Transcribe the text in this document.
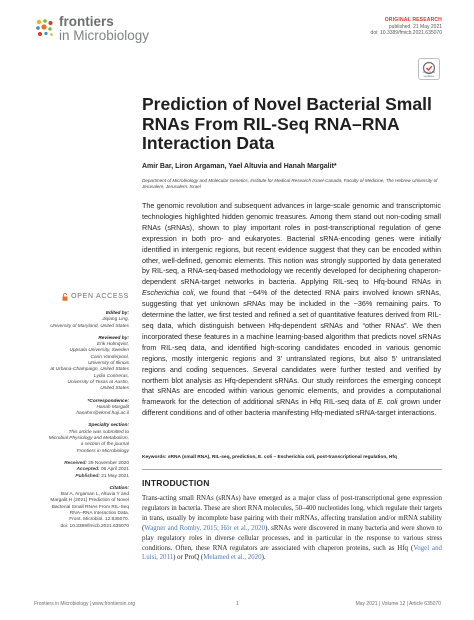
frontiers
in Microbiology
ORIGINAL RESEARCH
published: 21 May 2021
doi: 10.3389/fmicb.2021.635070
Check for updates
Prediction of Novel Bacterial Small RNAs From RIL-Seq RNA–RNA Interaction Data
Amir Bar, Liron Argaman, Yael Altuvia and Hanah Margalit*
Department of Microbiology and Molecular Genetics, Institute for Medical Research Israel-Canada, Faculty of Medicine, The Hebrew University of Jerusalem, Jerusalem, Israel
The genomic revolution and subsequent advances in large-scale genomic and transcriptomic technologies highlighted hidden genomic treasures. Among them stand out non-coding small RNAs (sRNAs), shown to play important roles in post-transcriptional regulation of gene expression in both pro- and eukaryotes. Bacterial sRNA-encoding genes were initially identified in intergenic regions, but recent evidence suggest that they can be encoded within other, well-defined, genomic elements. This notion was strongly supported by data generated by RIL-seq, a RNA-seq-based methodology we recently developed for deciphering chaperon-dependent sRNA-target networks in bacteria. Applying RIL-seq to Hfq-bound RNAs in Escherichia coli, we found that ~64% of the detected RNA pairs involved known sRNAs, suggesting that yet unknown sRNAs may be included in the ~36% remaining pairs. To determine the latter, we first tested and refined a set of quantitative features derived from RIL-seq data, which distinguish between Hfq-dependent sRNAs and “other RNAs”. We then incorporated these features in a machine learning-based algorithm that predicts novel sRNAs from RIL-seq data, and identified high-scoring candidates encoded in various genomic regions, mostly intergenic regions and 3′ untranslated regions, but also 5′ untranslated regions and coding sequences. Several candidates were further tested and verified by northern blot analysis as Hfq-dependent sRNAs. Our study reinforces the emerging concept that sRNAs are encoded within various genomic elements, and provides a computational framework for the detection of additional sRNAs in Hfq RIL-seq data of E. coli grown under different conditions and of other bacteria manifesting Hfq-mediated sRNA-target interactions.
Keywords: sRNA (small RNA), RIL-seq, prediction, E. coli – Escherichia coli, post-transcriptional regulation, Hfq
OPEN ACCESS
Edited by:
Jiqiang Ling,
University of Maryland, United States
Reviewed by:
Erik Holmqvist,
Uppsala University, Sweden
Carin Vanderpool,
University of Illinois
at Urbana-Champaign, United States
Lydia Contreras,
University of Texas at Austin,
United States
*Correspondence:
Hanah Margalit
hanahm@ekmd.huji.ac.il
Specialty section:
This article was submitted to
Microbial Physiology and Metabolism,
a section of the journal
Frontiers in Microbiology
Received: 29 November 2020
Accepted: 06 April 2021
Published: 21 May 2021
Citation:
Bar A, Argaman L, Altuvia Y and
Margalit H (2021) Prediction of Novel
Bacterial Small RNAs From RIL-Seq
RNA–RNA Interaction Data.
Front. Microbiol. 12:635070.
doi: 10.3389/fmicb.2021.635070
INTRODUCTION
Trans-acting small RNAs (sRNAs) have emerged as a major class of post-transcriptional gene expression regulators in bacteria. These are short RNA molecules, 50–400 nucleotides long, which regulate their targets in trans, usually by incomplete base pairing with their mRNAs, affecting translation and/or mRNA stability (Wagner and Romby, 2015; Hör et al., 2020). sRNAs were discovered in many bacteria and were shown to play regulatory roles in diverse cellular processes, and in particular in the response to various stress conditions. Often, these RNA regulators are associated with chaperon proteins, such as Hfq (Vogel and Luisi, 2011) or ProQ (Melamed et al., 2020).
Frontiers in Microbiology | www.frontiersin.org	1	May 2021 | Volume 12 | Article 635070
